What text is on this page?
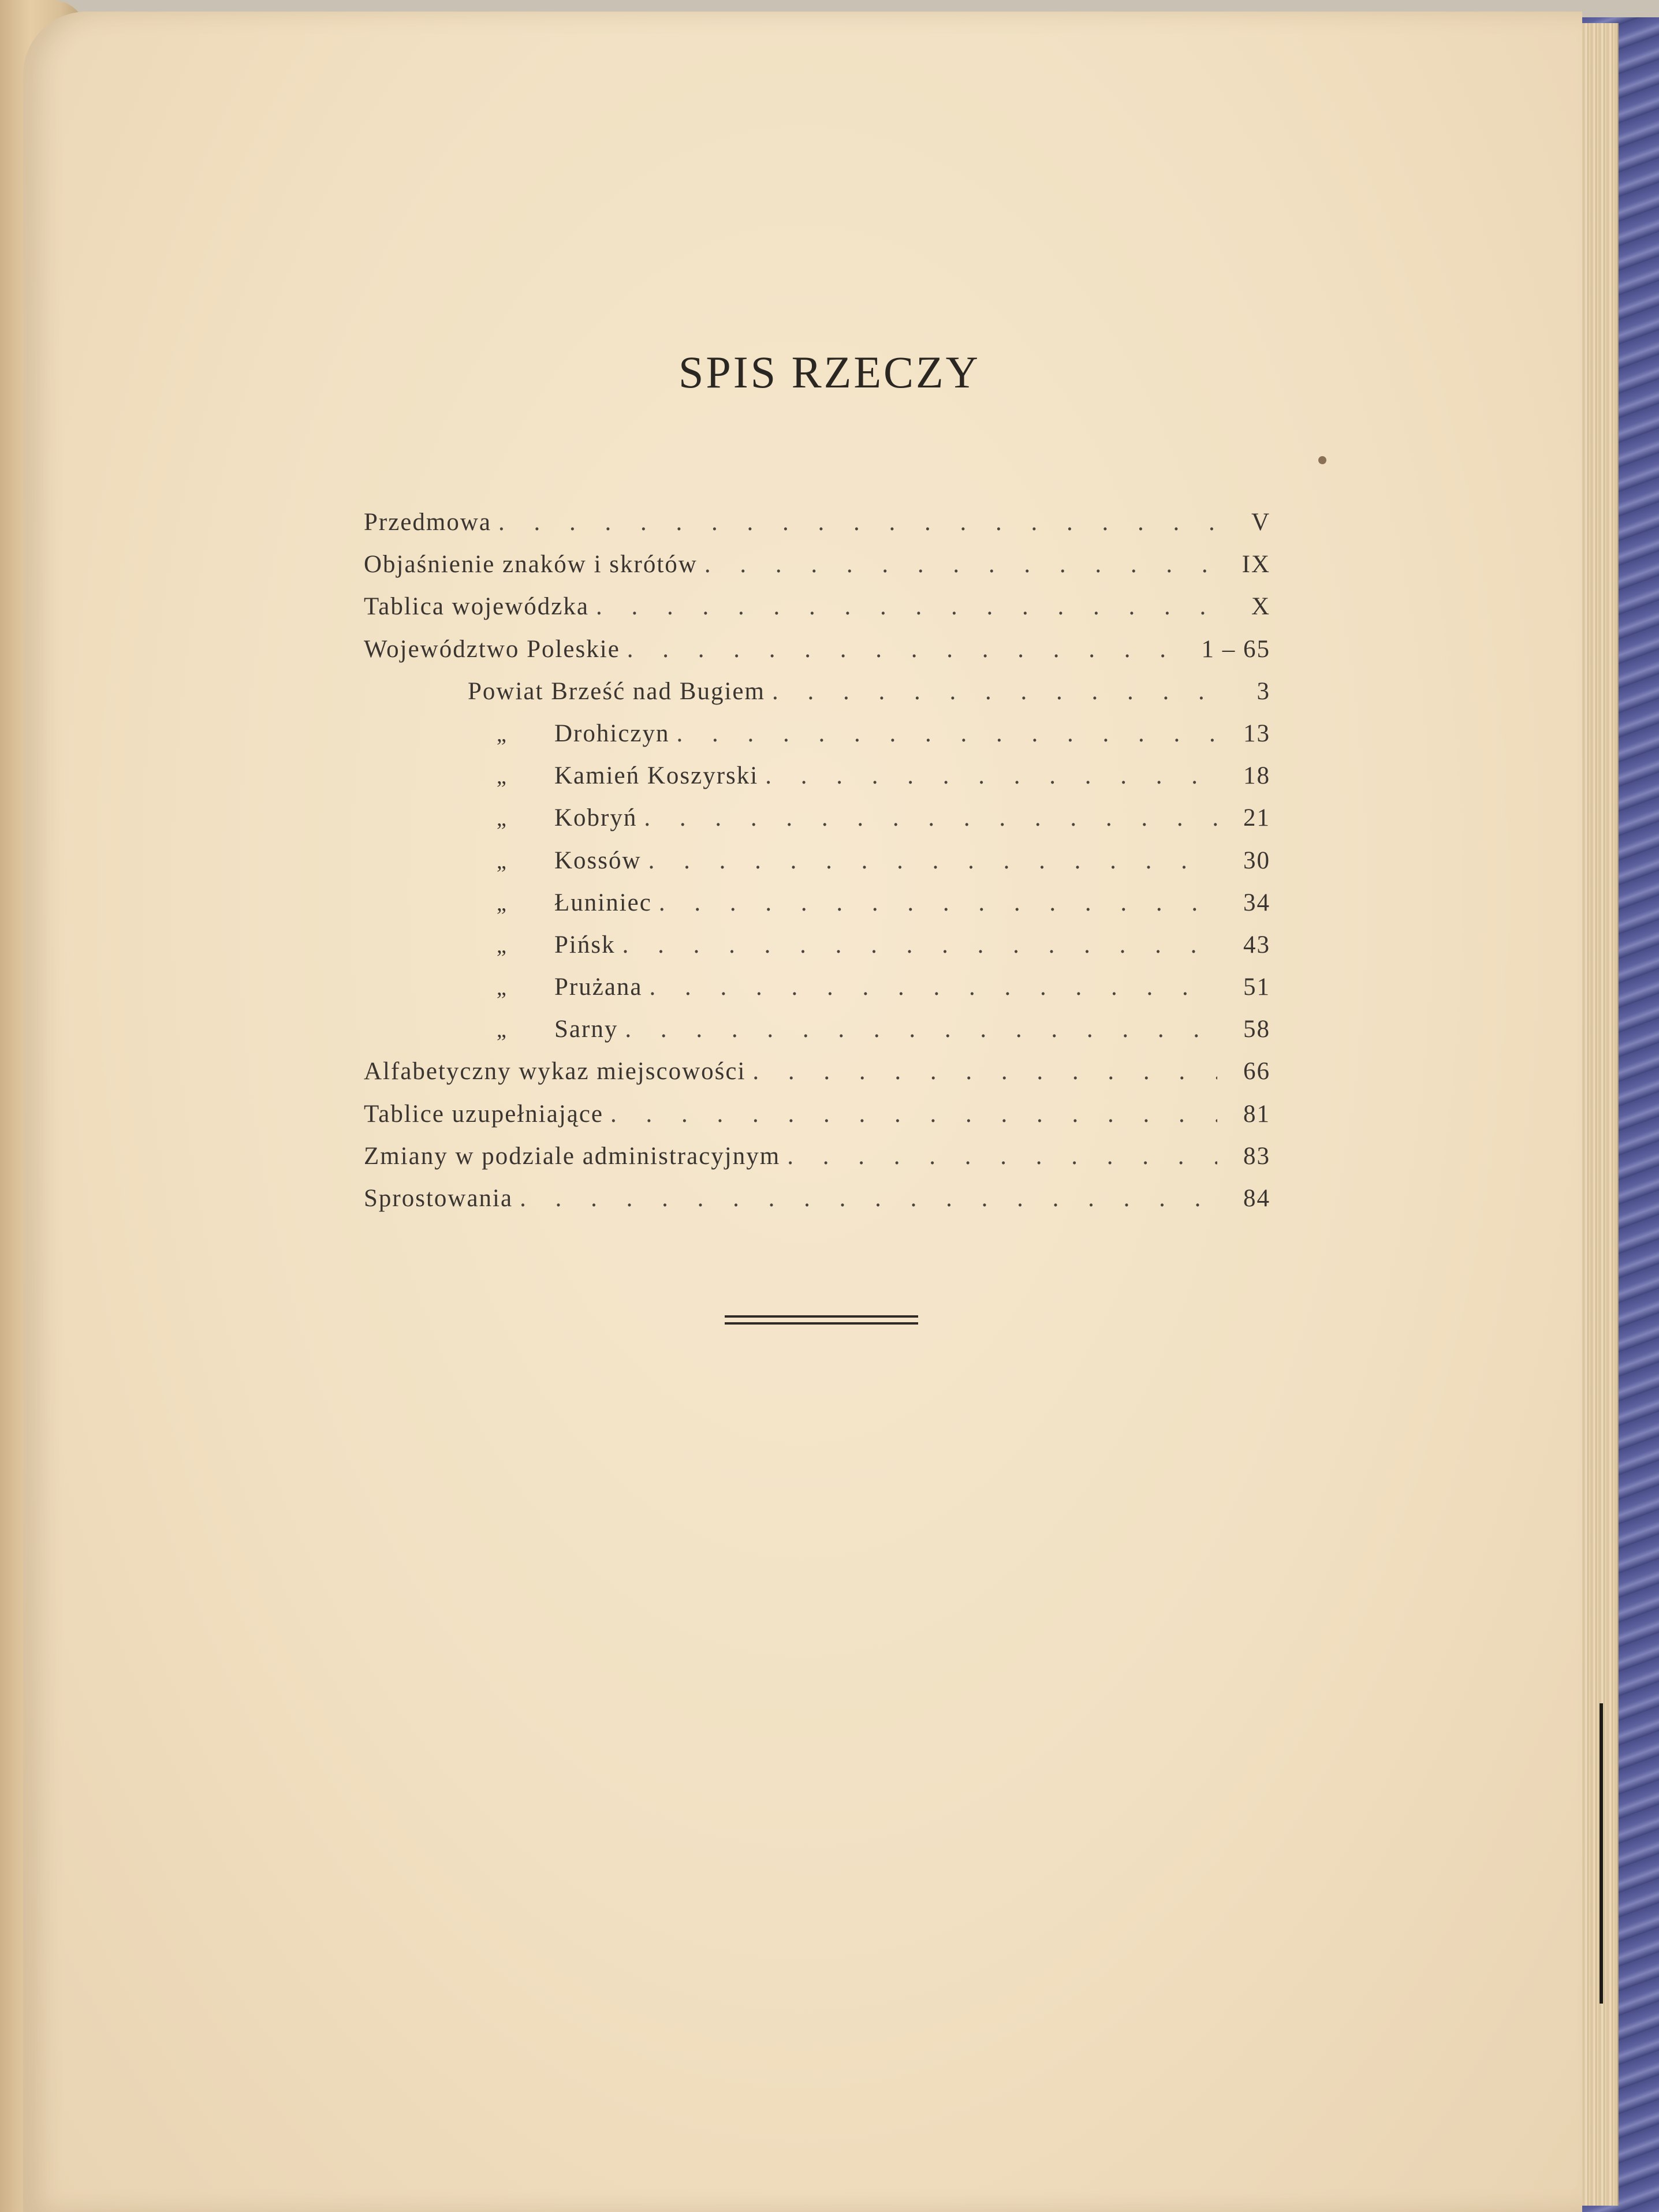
SPIS RZECZY
Przedmowa . . .	V
Objaśnienie znaków i skrótów . . .	IX
Tablica wojewódzka . . .	X
Województwo Poleskie . . .	1 – 65
Powiat Brześć nad Bugiem . . .	3
„	Drohiczyn . . .	13
„	Kamień Koszyrski . . .	18
„	Kobryń . . .	21
„	Kossów . . .	30
„	Łuniniec . . .	34
„	Pińsk . . .	43
„	Prużana . . .	51
„	Sarny . . .	58
Alfabetyczny wykaz miejscowości . . .	66
Tablice uzupełniające . . .	81
Zmiany w podziale administracyjnym . . .	83
Sprostowania . . .	84
